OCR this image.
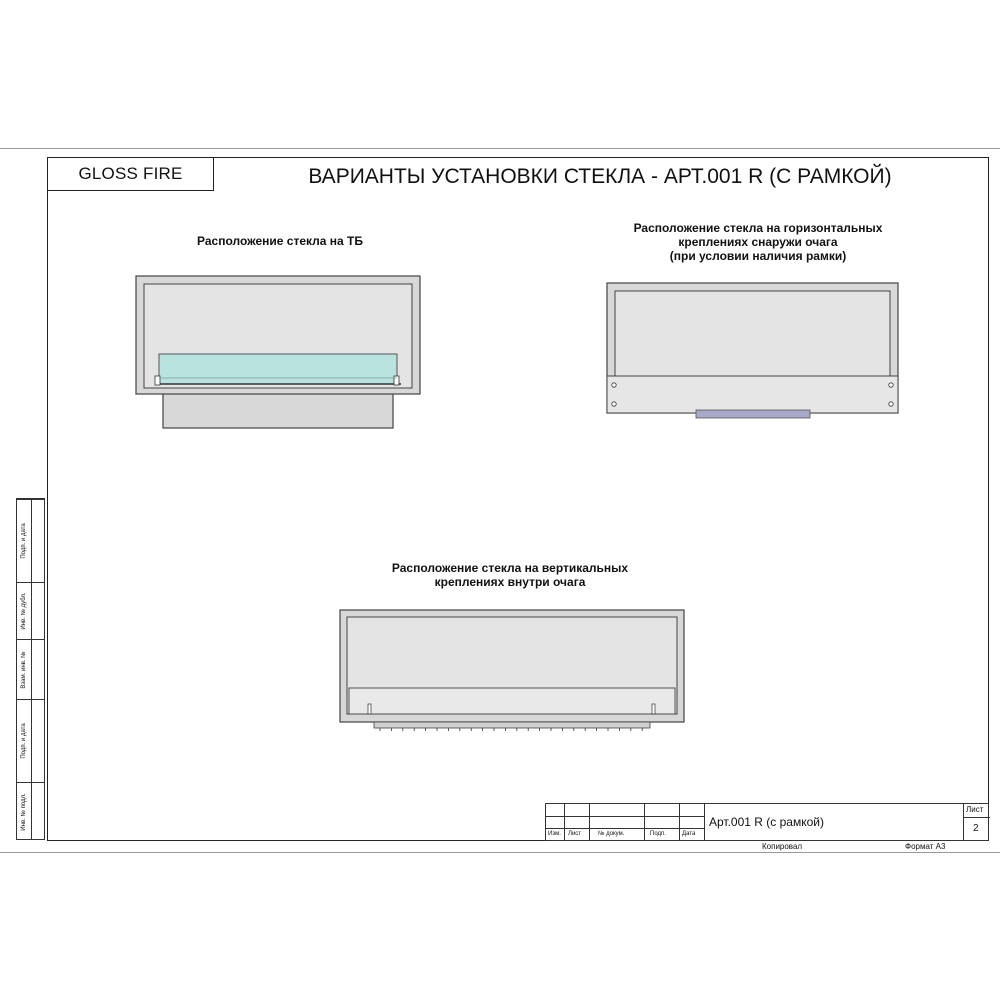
GLOSS FIRE	ВАРИАНТЫ УСТАНОВКИ СТЕКЛА - АРТ.001 R (С РАМКОЙ)
Расположение стекла на ТБ
Расположение стекла на горизонтальных
креплениях снаружи очага
(при условии наличия рамки)
Расположение стекла на вертикальных
креплениях внутри очага
Подп. и дата
Инв. № дубл.
Взам. инв. №
Подп. и дата
Инв. № подл.
Изм. Лист	№ докум.	Подп.	Дата
Арт.001 R (с рамкой)
Лист
2
Копировал	Формат А3
